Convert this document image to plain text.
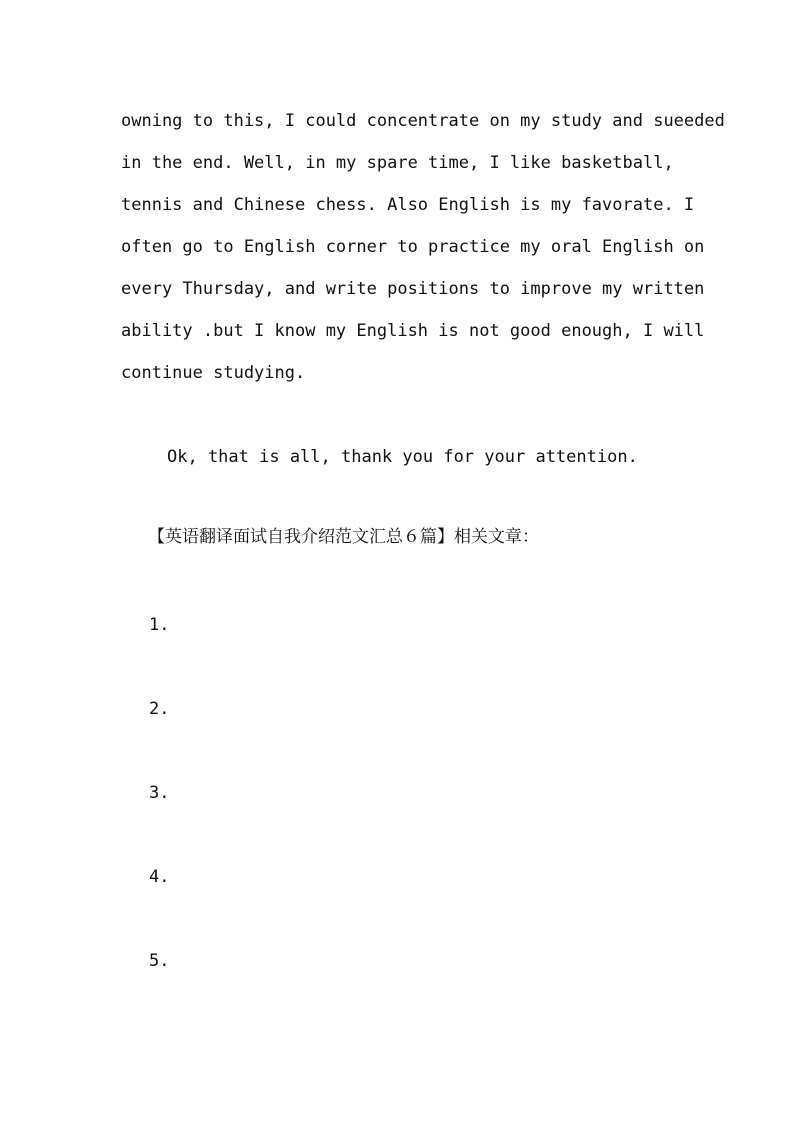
owning to this, I could concentrate on my study and sueeded
in the end. Well, in my spare time, I like basketball,
tennis and Chinese chess. Also English is my favorate. I
often go to English corner to practice my oral English on
every Thursday, and write positions to improve my written
ability .but I know my English is not good enough, I will
continue studying.
Ok, that is all, thank you for your attention.
【英语翻译面试自我介绍范文汇总６篇】相关文章：
1.
2.
3.
4.
5.
